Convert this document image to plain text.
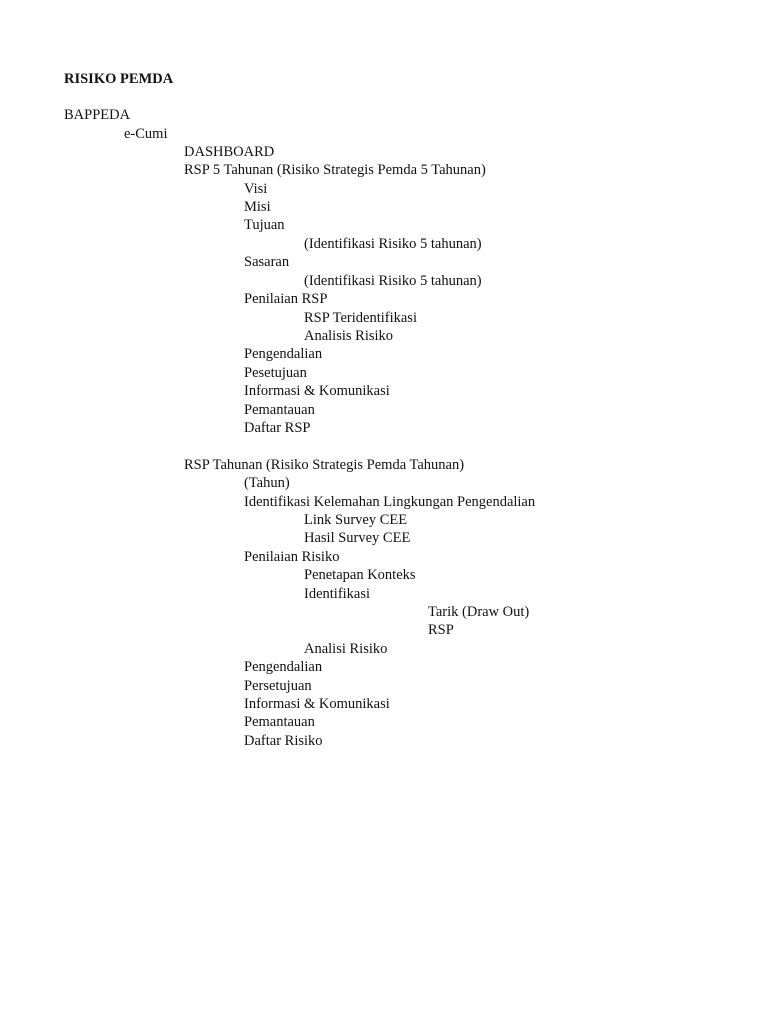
RISIKO PEMDA
BAPPEDA
e-Cumi
DASHBOARD
RSP 5 Tahunan (Risiko Strategis Pemda 5 Tahunan)
Visi
Misi
Tujuan
(Identifikasi Risiko 5 tahunan)
Sasaran
(Identifikasi Risiko 5 tahunan)
Penilaian RSP
RSP Teridentifikasi
Analisis Risiko
Pengendalian
Pesetujuan
Informasi & Komunikasi
Pemantauan
Daftar RSP
RSP Tahunan (Risiko Strategis Pemda Tahunan)
(Tahun)
Identifikasi Kelemahan Lingkungan Pengendalian
Link Survey CEE
Hasil Survey CEE
Penilaian Risiko
Penetapan Konteks
Identifikasi
Tarik (Draw Out)
RSP
Analisi Risiko
Pengendalian
Persetujuan
Informasi & Komunikasi
Pemantauan
Daftar Risiko
